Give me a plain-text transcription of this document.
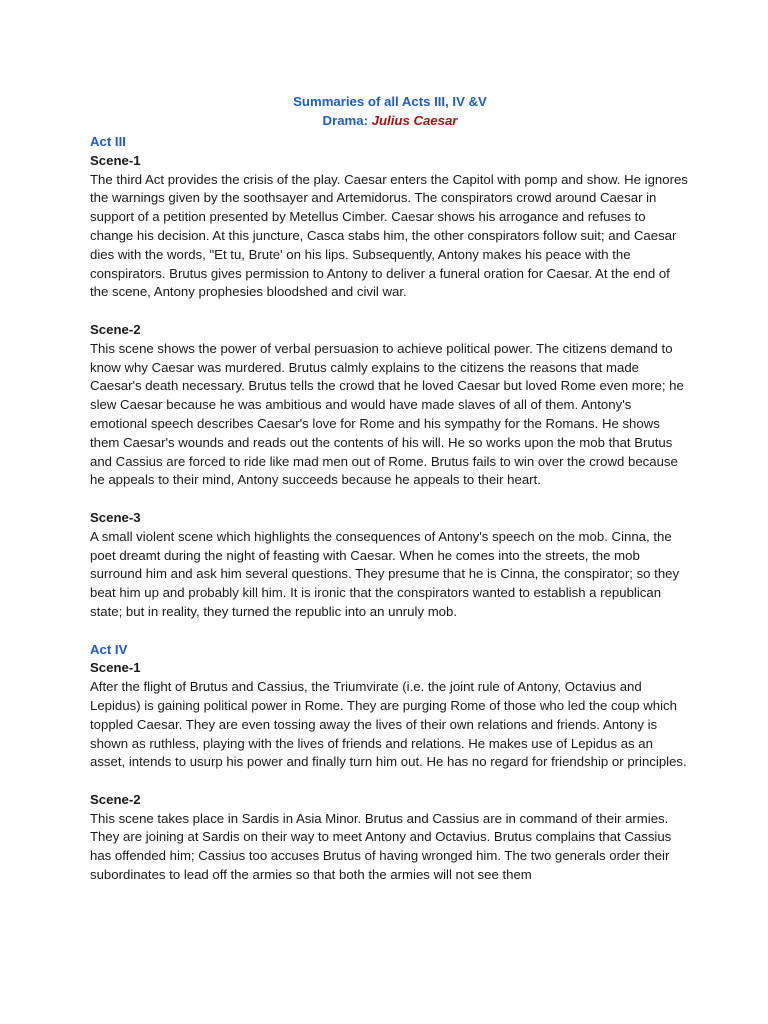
Summaries of all Acts III, IV &V
Drama: Julius Caesar

Act III

Scene-1

The third Act provides the crisis of the play. Caesar enters the Capitol with pomp and show. He ignores the warnings given by the soothsayer and Artemidorus. The conspirators crowd around Caesar in support of a petition presented by Metellus Cimber. Caesar shows his arrogance and refuses to change his decision. At this juncture, Casca stabs him, the other conspirators follow suit; and Caesar dies with the words, "Et tu, Brute' on his lips. Subsequently, Antony makes his peace with the conspirators. Brutus gives permission to Antony to deliver a funeral oration for Caesar. At the end of the scene, Antony prophesies bloodshed and civil war.

Scene-2

This scene shows the power of verbal persuasion to achieve political power. The citizens demand to know why Caesar was murdered. Brutus calmly explains to the citizens the reasons that made Caesar's death necessary. Brutus tells the crowd that he loved Caesar but loved Rome even more; he slew Caesar because he was ambitious and would have made slaves of all of them. Antony's emotional speech describes Caesar's love for Rome and his sympathy for the Romans. He shows them Caesar's wounds and reads out the contents of his will. He so works upon the mob that Brutus and Cassius are forced to ride like mad men out of Rome. Brutus fails to win over the crowd because he appeals to their mind, Antony succeeds because he appeals to their heart.

Scene-3

A small violent scene which highlights the consequences of Antony's speech on the mob. Cinna, the poet dreamt during the night of feasting with Caesar. When he comes into the streets, the mob surround him and ask him several questions. They presume that he is Cinna, the conspirator; so they beat him up and probably kill him. It is ironic that the conspirators wanted to establish a republican state; but in reality, they turned the republic into an unruly mob.

Act IV

Scene-1

After the flight of Brutus and Cassius, the Triumvirate (i.e. the joint rule of Antony, Octavius and Lepidus) is gaining political power in Rome. They are purging Rome of those who led the coup which toppled Caesar. They are even tossing away the lives of their own relations and friends. Antony is shown as ruthless, playing with the lives of friends and relations. He makes use of Lepidus as an asset, intends to usurp his power and finally turn him out. He has no regard for friendship or principles.

Scene-2

This scene takes place in Sardis in Asia Minor. Brutus and Cassius are in command of their armies. They are joining at Sardis on their way to meet Antony and Octavius. Brutus complains that Cassius has offended him; Cassius too accuses Brutus of having wronged him. The two generals order their subordinates to lead off the armies so that both the armies will not see them
